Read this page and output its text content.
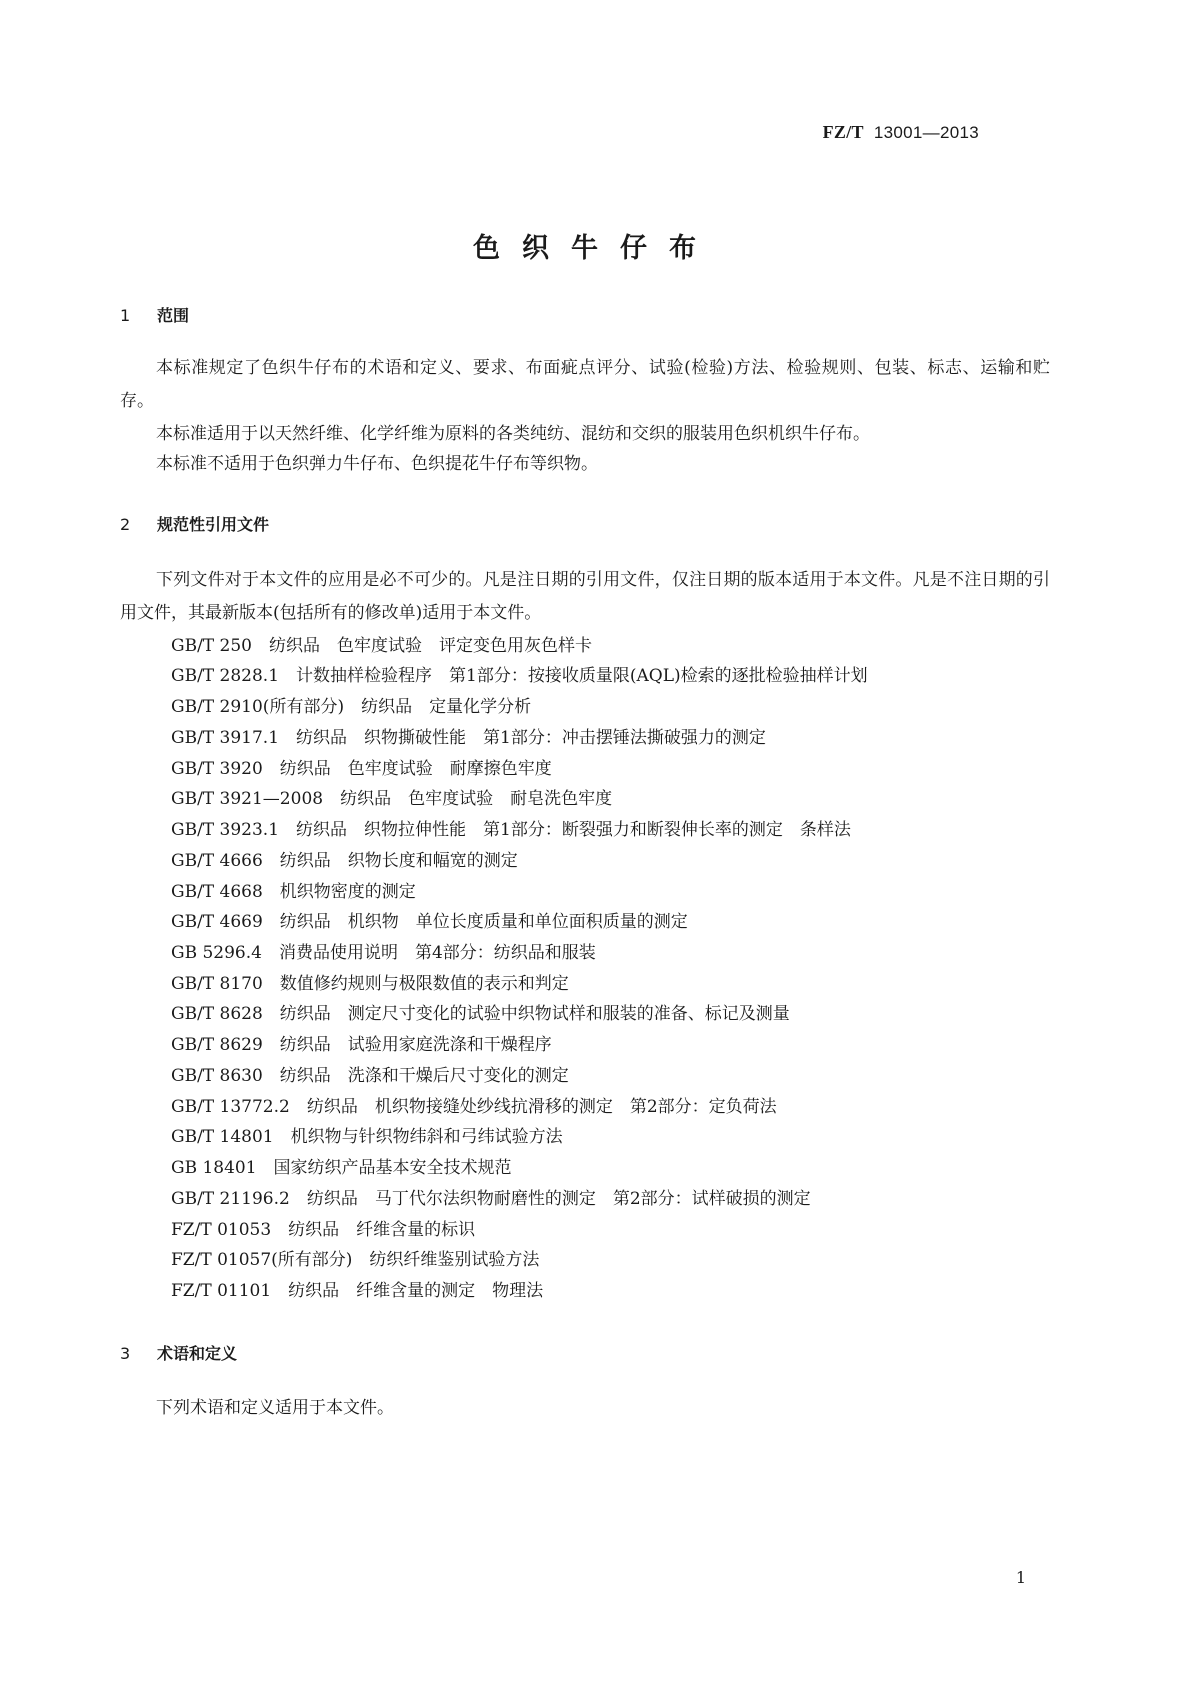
FZ/T 13001—2013
色织牛仔布
1 范围
本标准规定了色织牛仔布的术语和定义、要求、布面疵点评分、试验(检验)方法、检验规则、包装、标志、运输和贮存。
本标准适用于以天然纤维、化学纤维为原料的各类纯纺、混纺和交织的服装用色织机织牛仔布。
本标准不适用于色织弹力牛仔布、色织提花牛仔布等织物。
2 规范性引用文件
下列文件对于本文件的应用是必不可少的。凡是注日期的引用文件，仅注日期的版本适用于本文件。凡是不注日期的引用文件，其最新版本(包括所有的修改单)适用于本文件。
GB/T 250　纺织品　色牢度试验　评定变色用灰色样卡
GB/T 2828.1　计数抽样检验程序　第1部分：按接收质量限(AQL)检索的逐批检验抽样计划
GB/T 2910(所有部分)　纺织品　定量化学分析
GB/T 3917.1　纺织品　织物撕破性能　第1部分：冲击摆锤法撕破强力的测定
GB/T 3920　纺织品　色牢度试验　耐摩擦色牢度
GB/T 3921—2008　纺织品　色牢度试验　耐皂洗色牢度
GB/T 3923.1　纺织品　织物拉伸性能　第1部分：断裂强力和断裂伸长率的测定　条样法
GB/T 4666　纺织品　织物长度和幅宽的测定
GB/T 4668　机织物密度的测定
GB/T 4669　纺织品　机织物　单位长度质量和单位面积质量的测定
GB 5296.4　消费品使用说明　第4部分：纺织品和服装
GB/T 8170　数值修约规则与极限数值的表示和判定
GB/T 8628　纺织品　测定尺寸变化的试验中织物试样和服装的准备、标记及测量
GB/T 8629　纺织品　试验用家庭洗涤和干燥程序
GB/T 8630　纺织品　洗涤和干燥后尺寸变化的测定
GB/T 13772.2　纺织品　机织物接缝处纱线抗滑移的测定　第2部分：定负荷法
GB/T 14801　机织物与针织物纬斜和弓纬试验方法
GB 18401　国家纺织产品基本安全技术规范
GB/T 21196.2　纺织品　马丁代尔法织物耐磨性的测定　第2部分：试样破损的测定
FZ/T 01053　纺织品　纤维含量的标识
FZ/T 01057(所有部分)　纺织纤维鉴别试验方法
FZ/T 01101　纺织品　纤维含量的测定　物理法
3 术语和定义
下列术语和定义适用于本文件。
1
